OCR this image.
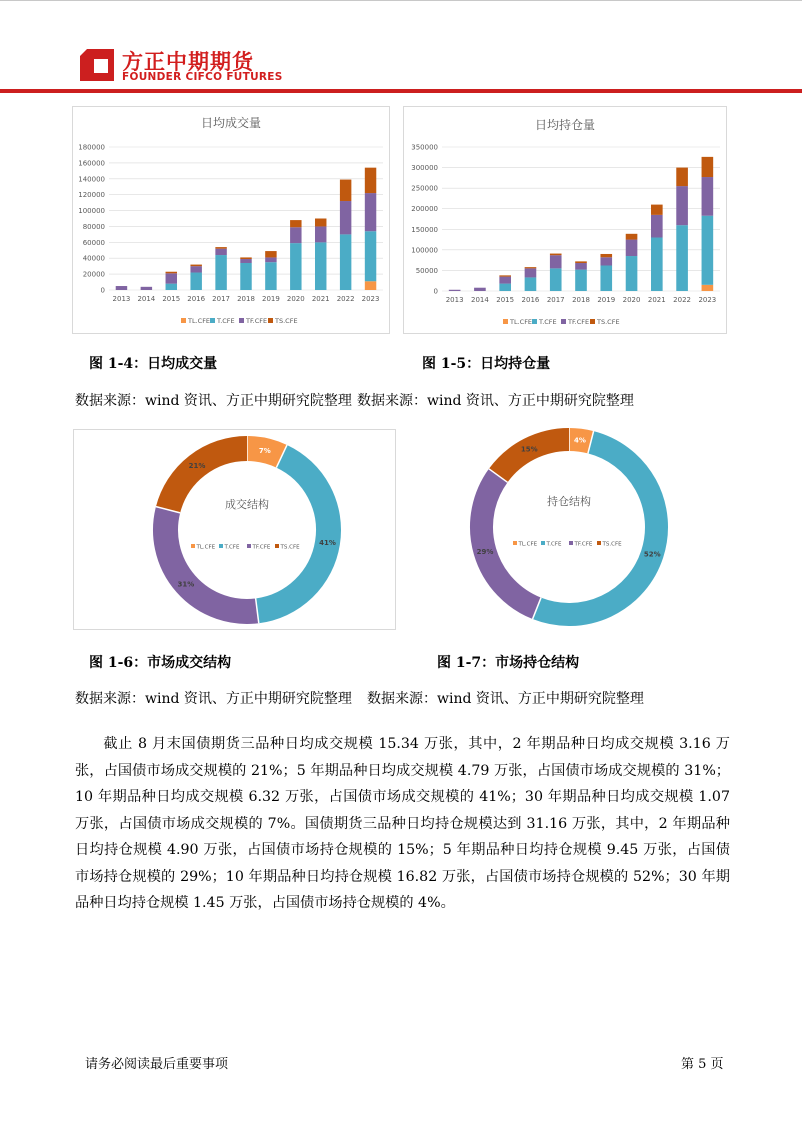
方正中期期货
FOUNDER CIFCO FUTURES
日均成交量
0
20000
40000
60000
80000
100000
120000
140000
160000
180000
2013 2014 2015 2016 2017 2018 2019 2020 2021 2022 2023
TL.CFE T.CFE TF.CFE TS.CFE
日均持仓量
0
50000
100000
150000
200000
250000
300000
350000
2013 2014 2015 2016 2017 2018 2019 2020 2021 2022 2023
TL.CFE T.CFE TF.CFE TS.CFE
图 1-4：日均成交量	图 1-5：日均持仓量
数据来源：wind 资讯、方正中期研究院整理 数据来源：wind 资讯、方正中期研究院整理
7%
41%
31%
21%
成交结构
TL.CFE T.CFE TF.CFE TS.CFE
4%
52%
29%
15%
持仓结构
TL.CFE T.CFE TF.CFE TS.CFE
图 1-6：市场成交结构	图 1-7：市场持仓结构
数据来源：wind 资讯、方正中期研究院整理 数据来源：wind 资讯、方正中期研究院整理

截止 8 月末国债期货三品种日均成交规模 15.34 万张，其中，2 年期品种日均成交规模 3.16 万张，占国债市场成交规模的 21%；5 年期品种日均成交规模 4.79 万张，占国债市场成交规模的 31%；10 年期品种日均成交规模 6.32 万张，占国债市场成交规模的 41%；30 年期品种日均成交规模 1.07 万张，占国债市场成交规模的 7%。国债期货三品种日均持仓规模达到 31.16 万张，其中，2 年期品种日均持仓规模 4.90 万张，占国债市场持仓规模的 15%；5 年期品种日均持仓规模 9.45 万张，占国债市场持仓规模的 29%；10 年期品种日均持仓规模 16.82 万张，占国债市场持仓规模的 52%；30 年期品种日均持仓规模 1.45 万张，占国债市场持仓规模的 4%。

请务必阅读最后重要事项	第 5 页
